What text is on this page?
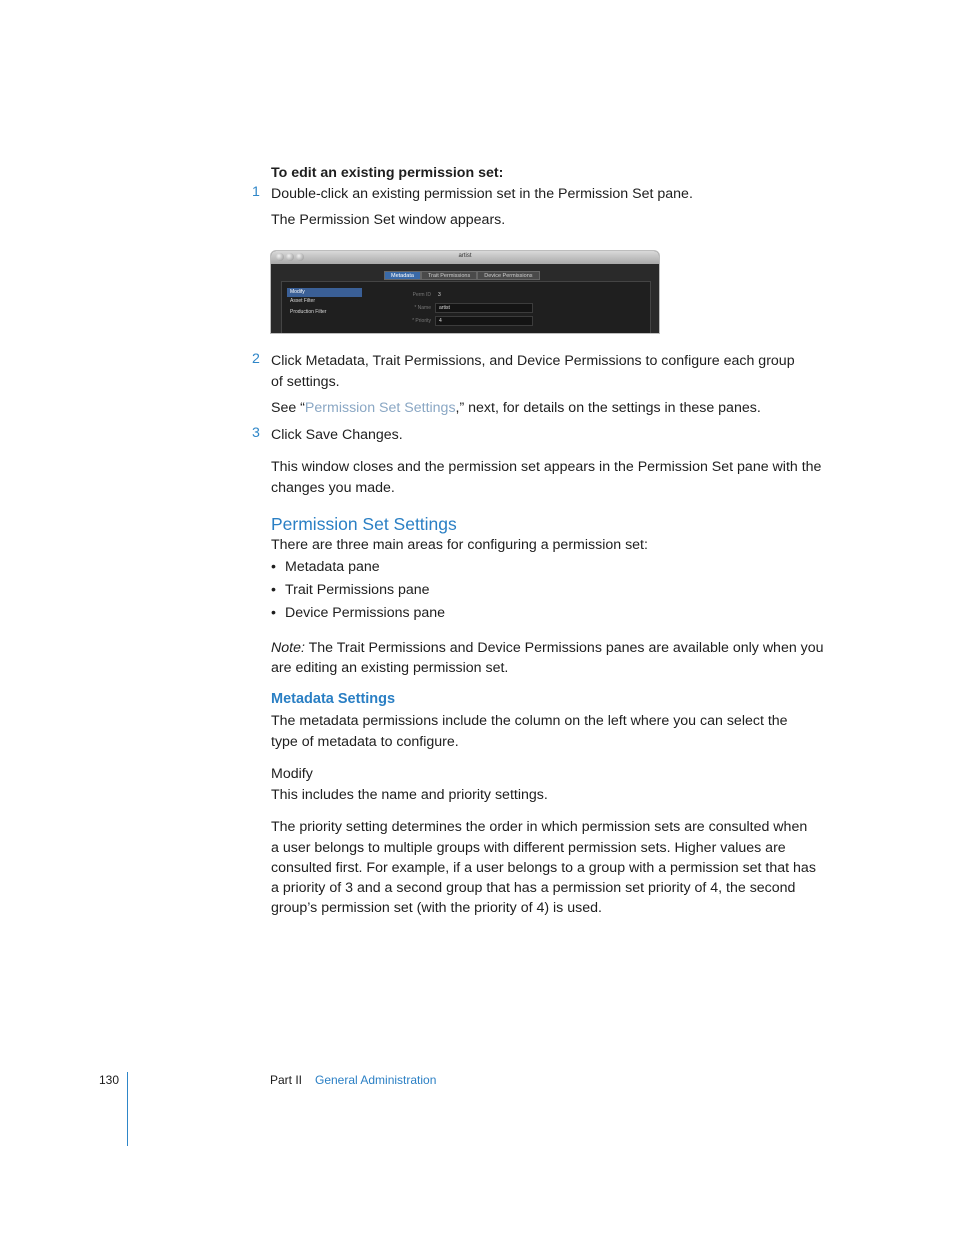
To edit an existing permission set:
1 Double-click an existing permission set in the Permission Set pane.
The Permission Set window appears.
artist
Metadata	Trait Permissions	Device Permissions
Modify
Asset Filter
Production Filter
Perm ID 3
* Name artist
* Priority 4
2 Click Metadata, Trait Permissions, and Device Permissions to configure each group
of settings.
See “Permission Set Settings,” next, for details on the settings in these panes.
3 Click Save Changes.
This window closes and the permission set appears in the Permission Set pane with the
changes you made.
Permission Set Settings
There are three main areas for configuring a permission set:
• Metadata pane
• Trait Permissions pane
• Device Permissions pane
Note: The Trait Permissions and Device Permissions panes are available only when you
are editing an existing permission set.
Metadata Settings
The metadata permissions include the column on the left where you can select the
type of metadata to configure.
Modify
This includes the name and priority settings.
The priority setting determines the order in which permission sets are consulted when
a user belongs to multiple groups with different permission sets. Higher values are
consulted first. For example, if a user belongs to a group with a permission set that has
a priority of 3 and a second group that has a permission set priority of 4, the second
group’s permission set (with the priority of 4) is used.
130	Part II General Administration
